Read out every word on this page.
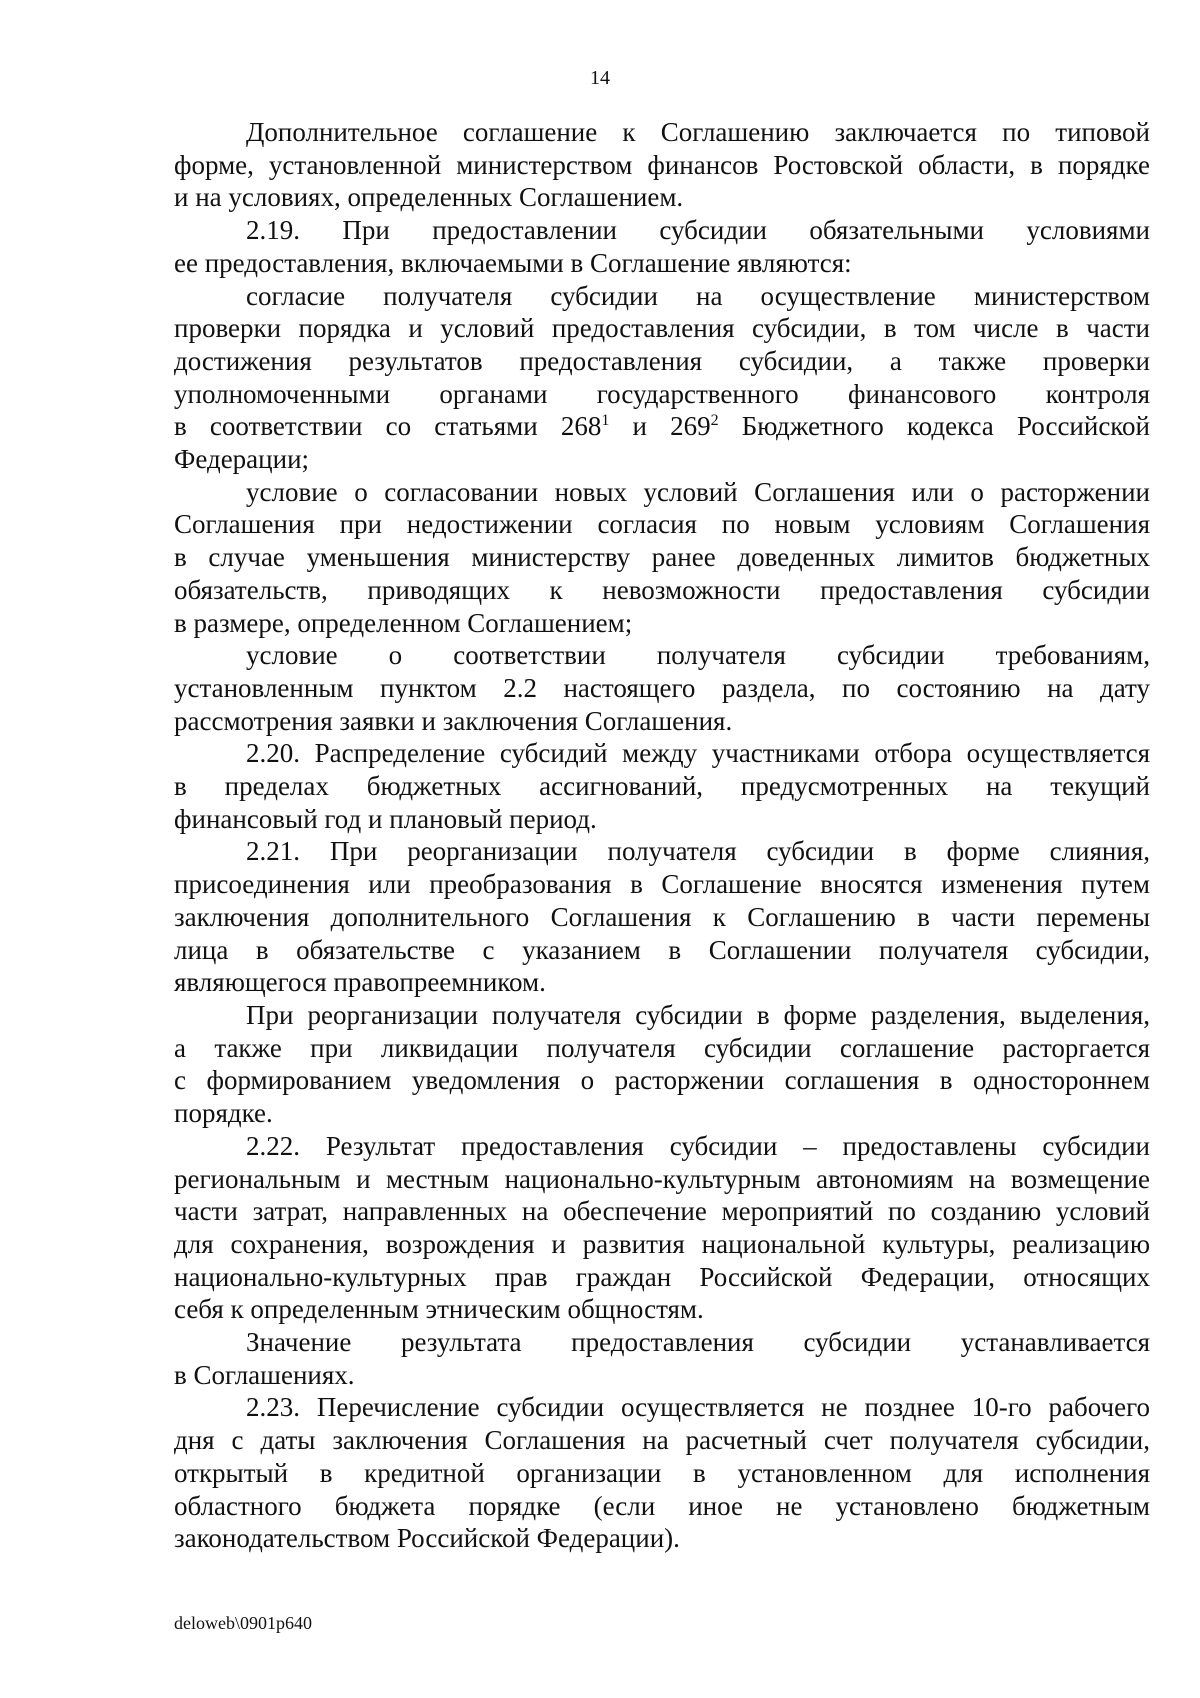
14
Дополнительное соглашение к Соглашению заключается по типовой
форме, установленной министерством финансов Ростовской области, в порядке
и на условиях, определенных Соглашением.
2.19. При предоставлении субсидии обязательными условиями
ее предоставления, включаемыми в Соглашение являются:
согласие получателя субсидии на осуществление министерством
проверки порядка и условий предоставления субсидии, в том числе в части
достижения результатов предоставления субсидии, а также проверки
уполномоченными органами государственного финансового контроля
в соответствии со статьями $268^1$ и $269^2$ Бюджетного кодекса Российской
Федерации;
условие о согласовании новых условий Соглашения или о расторжении
Соглашения при недостижении согласия по новым условиям Соглашения
в случае уменьшения министерству ранее доведенных лимитов бюджетных
обязательств, приводящих к невозможности предоставления субсидии
в размере, определенном Соглашением;
условие о соответствии получателя субсидии требованиям,
установленным пунктом 2.2 настоящего раздела, по состоянию на дату
рассмотрения заявки и заключения Соглашения.
2.20. Распределение субсидий между участниками отбора осуществляется
в пределах бюджетных ассигнований, предусмотренных на текущий
финансовый год и плановый период.
2.21. При реорганизации получателя субсидии в форме слияния,
присоединения или преобразования в Соглашение вносятся изменения путем
заключения дополнительного Соглашения к Соглашению в части перемены
лица в обязательстве с указанием в Соглашении получателя субсидии,
являющегося правопреемником.
При реорганизации получателя субсидии в форме разделения, выделения,
а также при ликвидации получателя субсидии соглашение расторгается
с формированием уведомления о расторжении соглашения в одностороннем
порядке.
2.22. Результат предоставления субсидии – предоставлены субсидии
региональным и местным национально-культурным автономиям на возмещение
части затрат, направленных на обеспечение мероприятий по созданию условий
для сохранения, возрождения и развития национальной культуры, реализацию
национально-культурных прав граждан Российской Федерации, относящих
себя к определенным этническим общностям.
Значение результата предоставления субсидии устанавливается
в Соглашениях.
2.23. Перечисление субсидии осуществляется не позднее 10-го рабочего
дня с даты заключения Соглашения на расчетный счет получателя субсидии,
открытый в кредитной организации в установленном для исполнения
областного бюджета порядке (если иное не установлено бюджетным
законодательством Российской Федерации).
deloweb\0901p640
